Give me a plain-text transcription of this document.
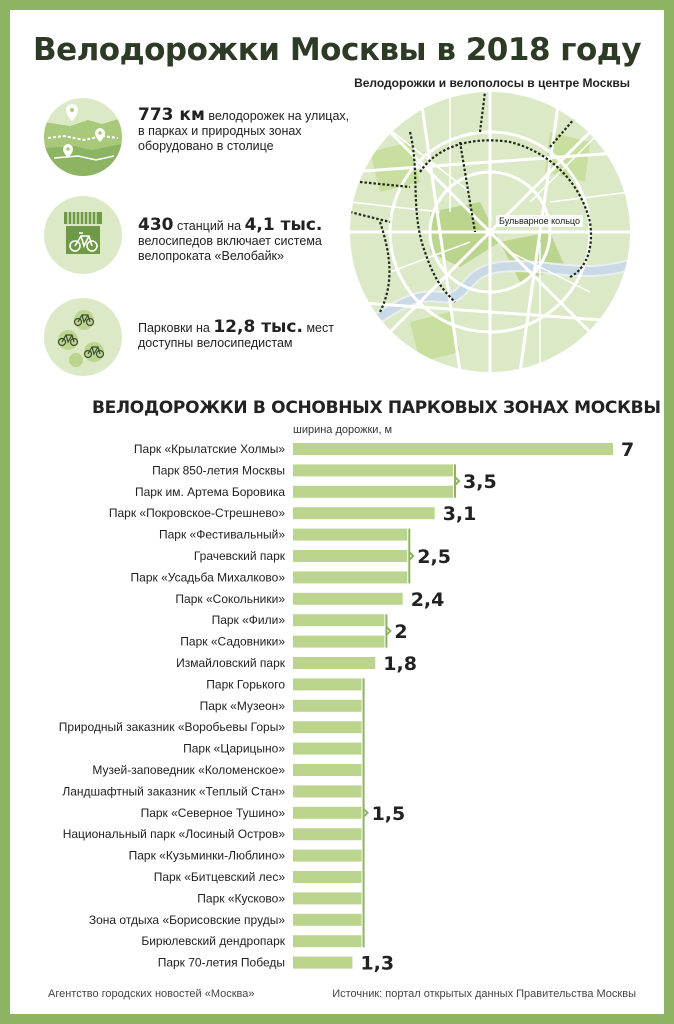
Велодорожки Москвы в 2018 году
773 км велодорожек на улицах, в парках и природных зонах оборудовано в столице
430 станций на 4,1 тыс. велосипедов включает система велопроката «Велобайк»
Парковки на 12,8 тыс. мест доступны велосипедистам
Велодорожки и велополосы в центре Москвы
Бульварное кольцо
ВЕЛОДОРОЖКИ В ОСНОВНЫХ ПАРКОВЫХ ЗОНАХ МОСКВЫ
ширина дорожки, м
Парк «Крылатские Холмы»
Парк 850-летия Москвы
Парк им. Артема Боровика
Парк «Покровское-Стрешнево»
Парк «Фестивальный»
Грачевский парк
Парк «Усадьба Михалково»
Парк «Сокольники»
Парк «Фили»
Парк «Садовники»
Измайловский парк
Парк Горького
Парк «Музеон»
Природный заказник «Воробьевы Горы»
Парк «Царицыно»
Музей-заповедник «Коломенское»
Ландшафтный заказник «Теплый Стан»
Парк «Северное Тушино»
Национальный парк «Лосиный Остров»
Парк «Кузьминки-Люблино»
Парк «Битцевский лес»
Парк «Кусково»
Зона отдыха «Борисовские пруды»
Бирюлевский дендропарк
Парк 70-летия Победы
7
3,5
3,1
2,5
2,4
2
1,8
1,5
1,3
Агентство городских новостей «Москва»	Источник: портал открытых данных Правительства Москвы
